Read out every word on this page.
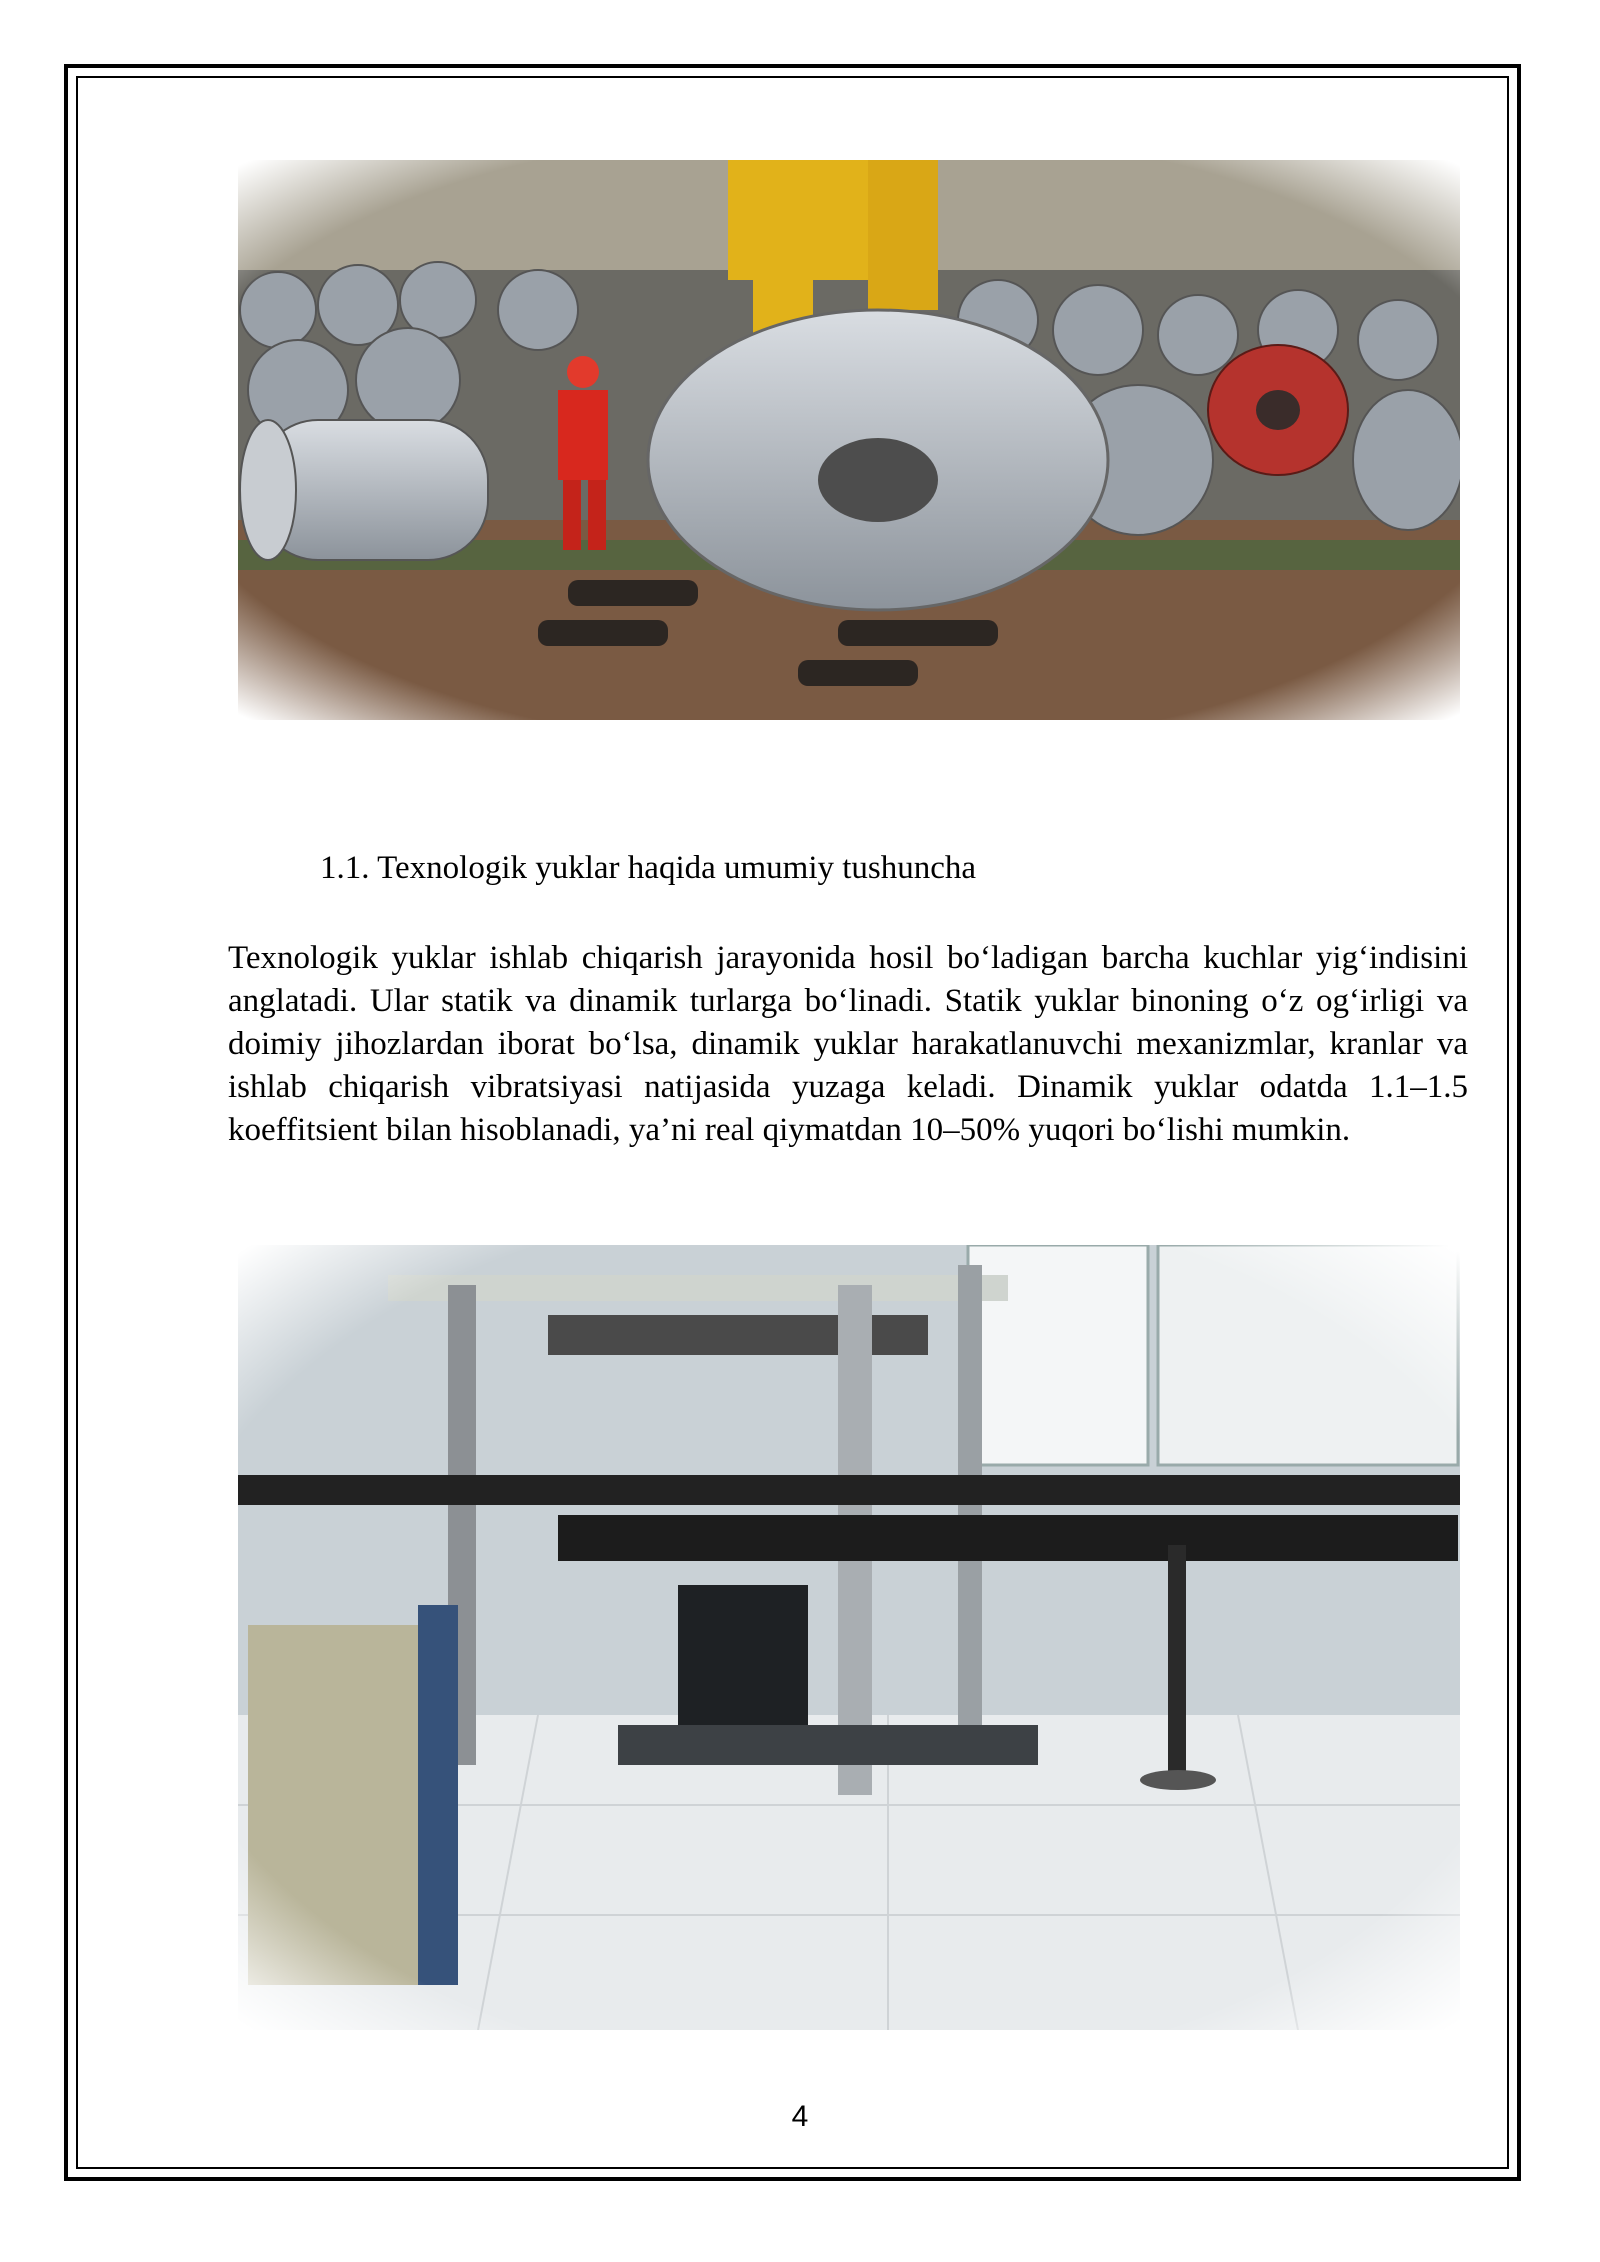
1.1. Texnologik yuklar haqida umumiy tushuncha
Texnologik yuklar ishlab chiqarish jarayonida hosil bo‘ladigan barcha kuchlar yig‘indisini anglatadi. Ular statik va dinamik turlarga bo‘linadi. Statik yuklar binoning o‘z og‘irligi va doimiy jihozlardan iborat bo‘lsa, dinamik yuklar harakatlanuvchi mexanizmlar, kranlar va ishlab chiqarish vibratsiyasi natijasida yuzaga keladi. Dinamik yuklar odatda 1.1–1.5 koeffitsient bilan hisoblanadi, ya’ni real qiymatdan 10–50% yuqori bo‘lishi mumkin.
4
